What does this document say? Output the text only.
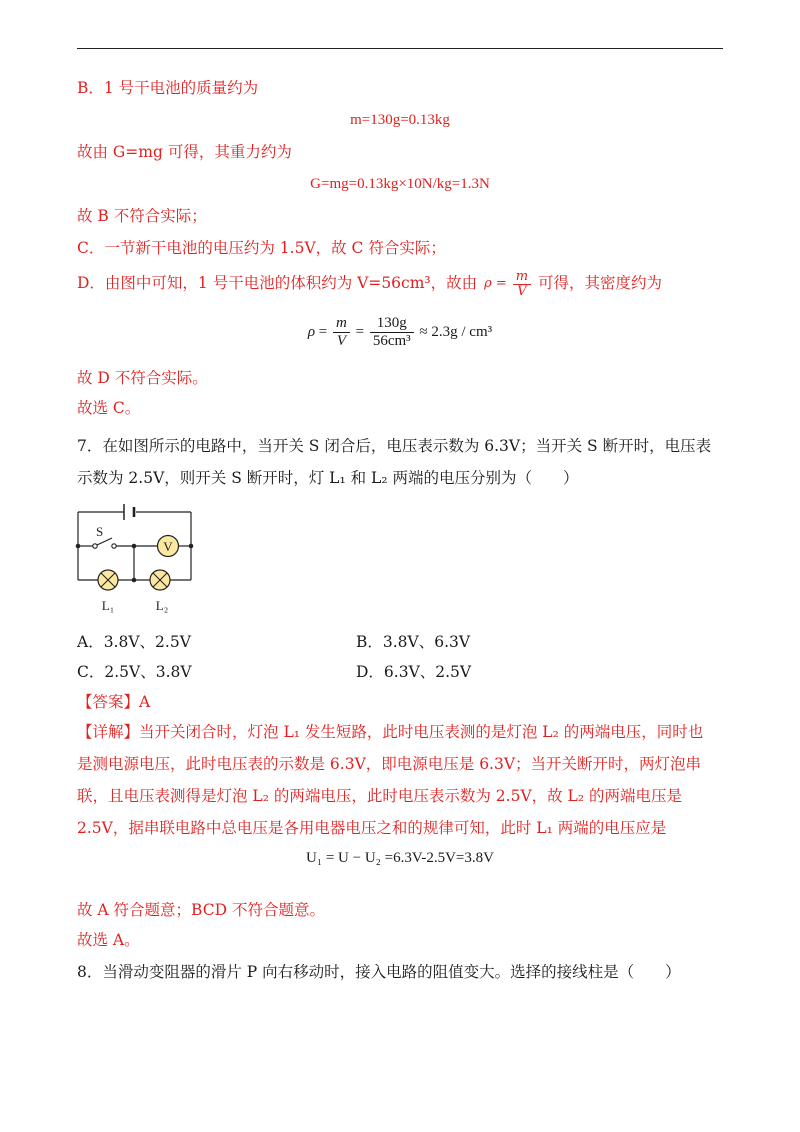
B．1 号干电池的质量约为
m=130g=0.13kg
故由 G=mg 可得，其重力约为
G=mg=0.13kg×10N/kg=1.3N
故 B 不符合实际；
C．一节新干电池的电压约为 1.5V，故 C 符合实际；
D．由图中可知，1 号干电池的体积约为 V=56cm³，故由 $\rho = \frac{m}{V}$ 可得，其密度约为
$\rho = \frac{m}{V} = \frac{130g}{\text{56cm³}} \approx 2.3g / cm^3$
故 D 不符合实际。
故选 C。
7．在如图所示的电路中，当开关 S 闭合后，电压表示数为 6.3V；当开关 S 断开时，电压表
示数为 2.5V，则开关 S 断开时，灯 L₁ 和 L₂ 两端的电压分别为（　　）
V
S
L₁	L₂
A．3.8V、2.5V	B．3.8V、6.3V
C．2.5V、3.8V	D．6.3V、2.5V
【答案】A
【详解】当开关闭合时，灯泡 L₁ 发生短路，此时电压表测的是灯泡 L₂ 的两端电压，同时也
是测电源电压，此时电压表的示数是 6.3V，即电源电压是 6.3V；当开关断开时，两灯泡串
联，且电压表测得是灯泡 L₂ 的两端电压，此时电压表示数为 2.5V，故 L₂ 的两端电压是
2.5V，据串联电路中总电压是各用电器电压之和的规律可知，此时 L₁ 两端的电压应是
U₁ = U − U₂ =6.3V-2.5V=3.8V
故 A 符合题意；BCD 不符合题意。
故选 A。
8．当滑动变阻器的滑片 P 向右移动时，接入电路的阻值变大。选择的接线柱是（　　）
